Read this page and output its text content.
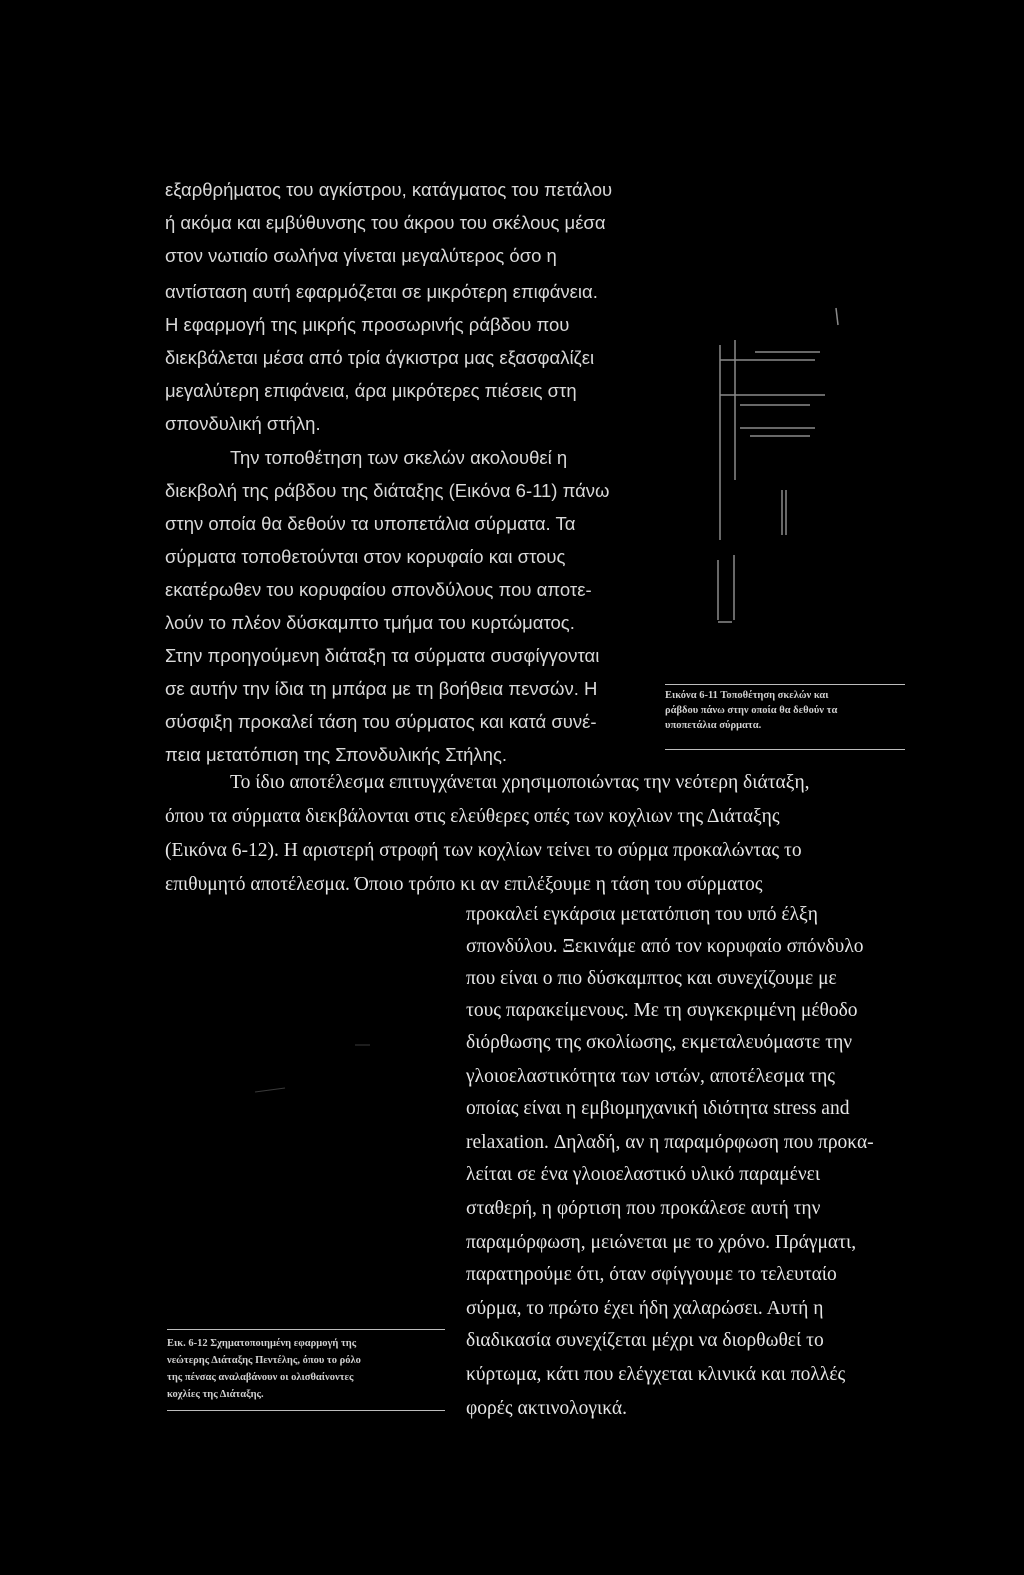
εξαρθρήματος του αγκίστρου, κατάγματος του πετάλου
ή ακόμα και εμβύθυνσης του άκρου του σκέλους μέσα
στον νωτιαίο σωλήνα γίνεται μεγαλύτερος όσο η
αντίσταση αυτή εφαρμόζεται σε μικρότερη επιφάνεια.
Η εφαρμογή της μικρής προσωρινής ράβδου που
διεκβάλεται μέσα από τρία άγκιστρα μας εξασφαλίζει
μεγαλύτερη επιφάνεια, άρα μικρότερες πιέσεις στη
σπονδυλική στήλη.
Την τοποθέτηση των σκελών ακολουθεί η
διεκβολή της ράβδου της διάταξης (Εικόνα 6-11) πάνω
στην οποία θα δεθούν τα υποπετάλια σύρματα. Τα
σύρματα τοποθετούνται στον κορυφαίο και στους
εκατέρωθεν του κορυφαίου σπονδύλους που αποτε-
λούν το πλέον δύσκαμπτο τμήμα του κυρτώματος.
Στην προηγούμενη διάταξη τα σύρματα συσφίγγονται
σε αυτήν την ίδια τη μπάρα με τη βοήθεια πενσών. Η
σύσφιξη προκαλεί τάση του σύρματος και κατά συνέ-
πεια μετατόπιση της Σπονδυλικής Στήλης.
Εικόνα 6-11 Τοποθέτηση σκελών και
ράβδου πάνω στην οποία θα δεθούν τα
υποπετάλια σύρματα.
Το ίδιο αποτέλεσμα επιτυγχάνεται χρησιμοποιώντας την νεότερη διάταξη,
όπου τα σύρματα διεκβάλονται στις ελεύθερες οπές των κοχλιων της Διάταξης
(Εικόνα 6-12). Η αριστερή στροφή των κοχλίων τείνει το σύρμα προκαλώντας το
επιθυμητό αποτέλεσμα. Όποιο τρόπο κι αν επιλέξουμε η τάση του σύρματος
προκαλεί εγκάρσια μετατόπιση του υπό έλξη
σπονδύλου. Ξεκινάμε από τον κορυφαίο σπόνδυλο
που είναι ο πιο δύσκαμπτος και συνεχίζουμε με
τους παρακείμενους. Με τη συγκεκριμένη μέθοδο
διόρθωσης της σκολίωσης, εκμεταλευόμαστε την
γλοιοελαστικότητα των ιστών, αποτέλεσμα της
οποίας είναι η εμβιομηχανική ιδιότητα stress and
relaxation. Δηλαδή, αν η παραμόρφωση που προκα-
λείται σε ένα γλοιοελαστικό υλικό παραμένει
σταθερή, η φόρτιση που προκάλεσε αυτή την
παραμόρφωση, μειώνεται με το χρόνο. Πράγματι,
παρατηρούμε ότι, όταν σφίγγουμε το τελευταίο
σύρμα, το πρώτο έχει ήδη χαλαρώσει. Αυτή η
διαδικασία συνεχίζεται μέχρι να διορθωθεί το
κύρτωμα, κάτι που ελέγχεται κλινικά και πολλές
φορές ακτινολογικά.
Εικ. 6-12 Σχηματοποιημένη εφαρμογή της
νεώτερης Διάταξης Πεντέλης, όπου το ρόλο
της πένσας αναλαβάνουν οι ολισθαίνοντες
κοχλίες της Διάταξης.
